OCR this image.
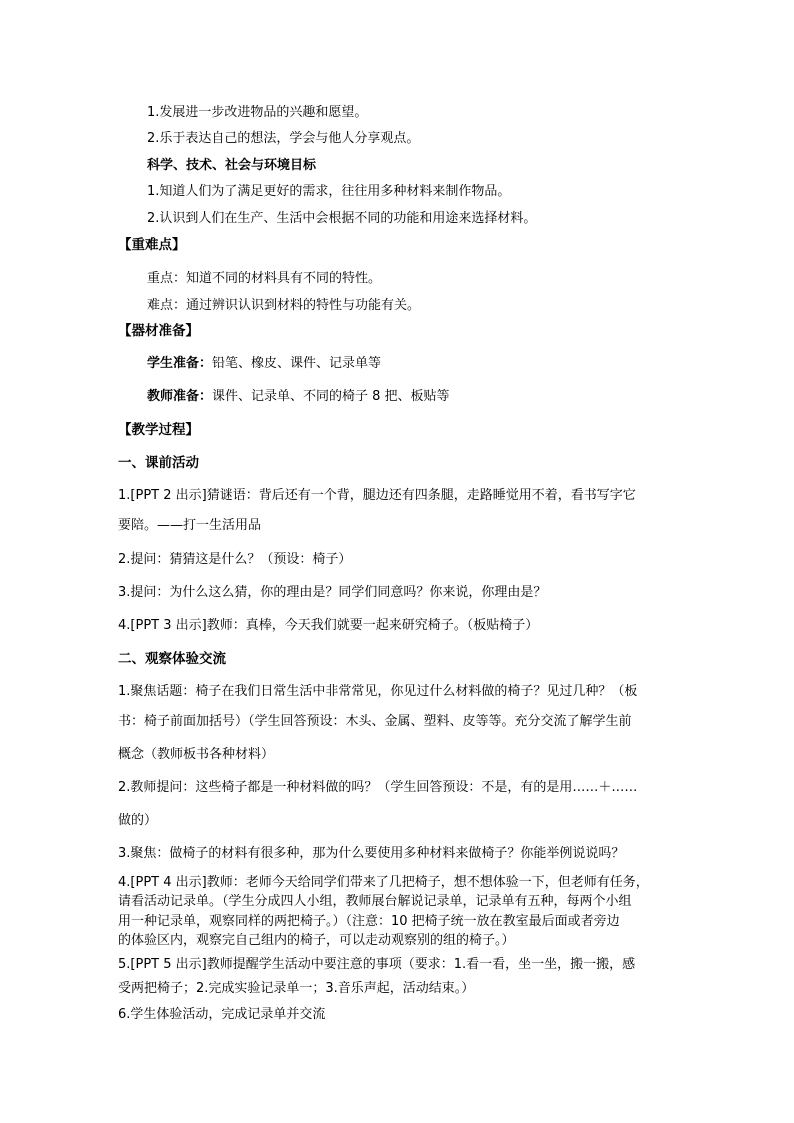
1.发展进一步改进物品的兴趣和愿望。
2.乐于表达自己的想法，学会与他人分享观点。
科学、技术、社会与环境目标
1.知道人们为了满足更好的需求，往往用多种材料来制作物品。
2.认识到人们在生产、生活中会根据不同的功能和用途来选择材料。
【重难点】
重点：知道不同的材料具有不同的特性。
难点：通过辨识认识到材料的特性与功能有关。
【器材准备】
学生准备：铅笔、橡皮、课件、记录单等
教师准备：课件、记录单、不同的椅子 8 把、板贴等
【教学过程】
一、课前活动
1.[PPT 2 出示]猜谜语：背后还有一个背，腿边还有四条腿，走路睡觉用不着，看书写字它
要陪。——打一生活用品
2.提问：猜猜这是什么？（预设：椅子）
3.提问：为什么这么猜，你的理由是？同学们同意吗？你来说，你理由是？
4.[PPT 3 出示]教师：真棒，今天我们就要一起来研究椅子。（板贴椅子）
二、观察体验交流
1.聚焦话题：椅子在我们日常生活中非常常见，你见过什么材料做的椅子？见过几种？（板
书：椅子前面加括号）（学生回答预设：木头、金属、塑料、皮等等。充分交流了解学生前
概念（教师板书各种材料）
2.教师提问：这些椅子都是一种材料做的吗？（学生回答预设：不是，有的是用……＋……
做的）
3.聚焦：做椅子的材料有很多种，那为什么要使用多种材料来做椅子？你能举例说说吗？
4.[PPT 4 出示]教师：老师今天给同学们带来了几把椅子，想不想体验一下，但老师有任务，
请看活动记录单。（学生分成四人小组，教师展台解说记录单，记录单有五种，每两个小组
用一种记录单，观察同样的两把椅子。）（注意：10 把椅子统一放在教室最后面或者旁边
的体验区内，观察完自己组内的椅子，可以走动观察别的组的椅子。）
5.[PPT 5 出示]教师提醒学生活动中要注意的事项（要求：1.看一看，坐一坐，搬一搬，感
受两把椅子；2.完成实验记录单一；3.音乐声起，活动结束。）
6.学生体验活动，完成记录单并交流
